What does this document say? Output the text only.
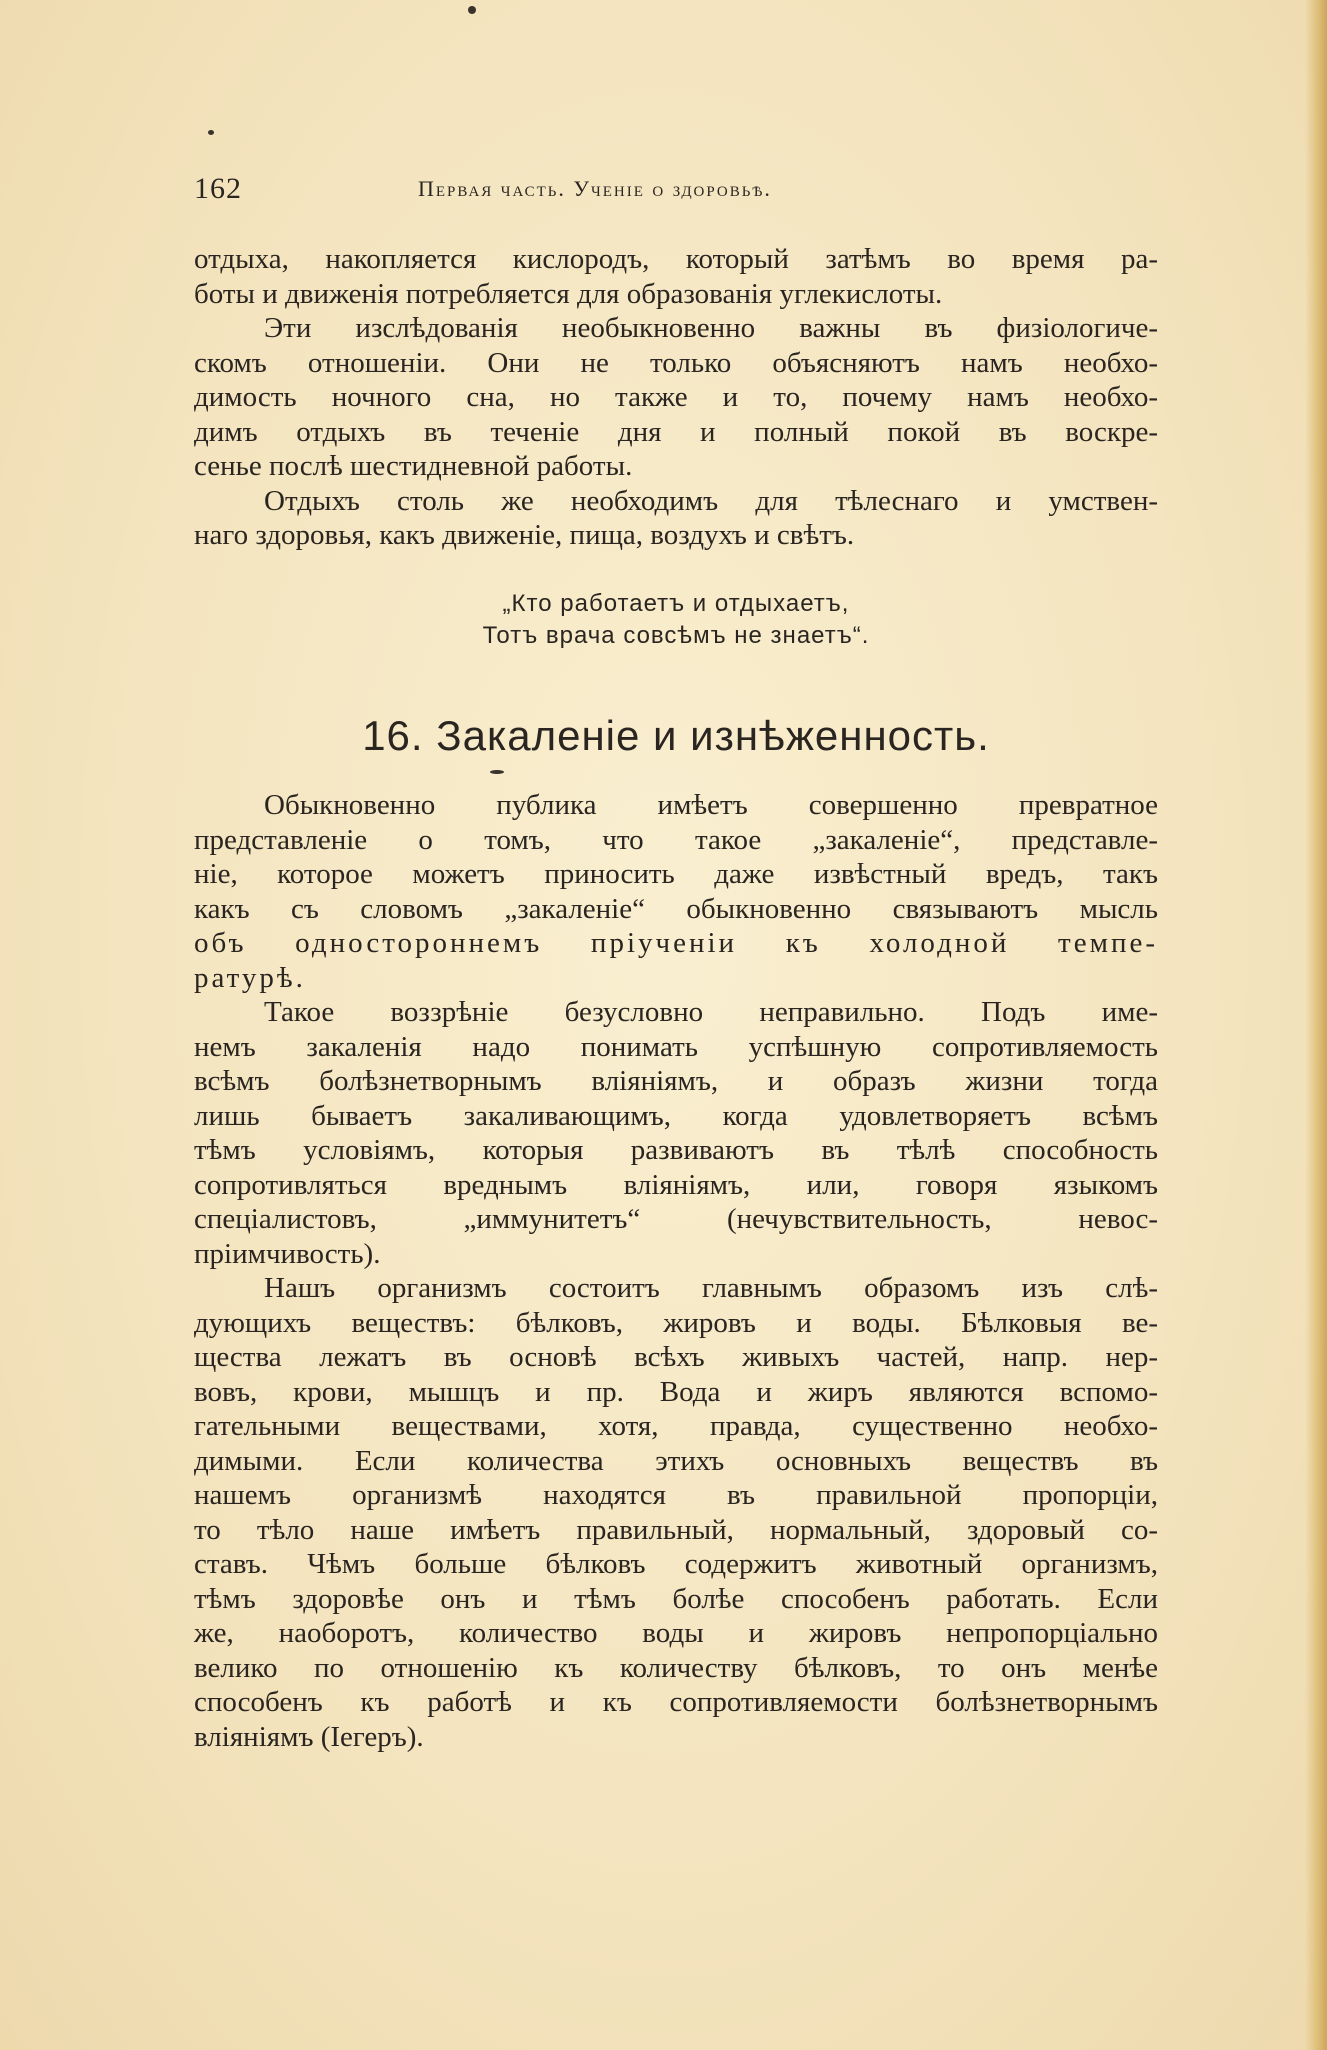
162	Первая часть. Ученіе о здоровьѣ.

отдыха, накопляется кислородъ, который затѣмъ во время ра-
боты и движенія потребляется для образованія углекислоты.

Эти изслѣдованія необыкновенно важны въ физіологиче-
скомъ отношеніи. Они не только объясняютъ намъ необхо-
димость ночного сна, но также и то, почему намъ необхо-
димъ отдыхъ въ теченіе дня и полный покой въ воскре-
сенье послѣ шестидневной работы.

Отдыхъ столь же необходимъ для тѣлеснаго и умствен-
наго здоровья, какъ движеніе, пища, воздухъ и свѣтъ.

„Кто работаетъ и отдыхаетъ,
Тотъ врача совсѣмъ не знаетъ“.
16. Закаленіе и изнѣженность.

Обыкновенно публика имѣетъ совершенно превратное
представленіе о томъ, что такое „закаленіе“, представле-
ніе, которое можетъ приносить даже извѣстный вредъ, такъ
какъ съ словомъ „закаленіе“ обыкновенно связываютъ мысль
объ одностороннемъ пріученіи къ холодной темпе-
ратурѣ.

Такое воззрѣніе безусловно неправильно. Подъ име-
немъ закаленія надо понимать успѣшную сопротивляемость
всѣмъ болѣзнетворнымъ вліяніямъ, и образъ жизни тогда
лишь бываетъ закаливающимъ, когда удовлетворяетъ всѣмъ
тѣмъ условіямъ, которыя развиваютъ въ тѣлѣ способность
сопротивляться вреднымъ вліяніямъ, или, говоря языкомъ
спеціалистовъ, „иммунитетъ“ (нечувствительность, невос-
пріимчивость).

Нашъ организмъ состоитъ главнымъ образомъ изъ слѣ-
дующихъ веществъ: бѣлковъ, жировъ и воды. Бѣлковыя ве-
щества лежатъ въ основѣ всѣхъ живыхъ частей, напр. нер-
вовъ, крови, мышцъ и пр. Вода и жиръ являются вспомо-
гательными веществами, хотя, правда, существенно необхо-
димыми. Если количества этихъ основныхъ веществъ въ
нашемъ организмѣ находятся въ правильной пропорціи,
то тѣло наше имѣетъ правильный, нормальный, здоровый со-
ставъ. Чѣмъ больше бѣлковъ содержитъ животный организмъ,
тѣмъ здоровѣе онъ и тѣмъ болѣе способенъ работать. Если
же, наоборотъ, количество воды и жировъ непропорціально
велико по отношенію къ количеству бѣлковъ, то онъ менѣе
способенъ къ работѣ и къ сопротивляемости болѣзнетворнымъ
вліяніямъ (Іегеръ).
